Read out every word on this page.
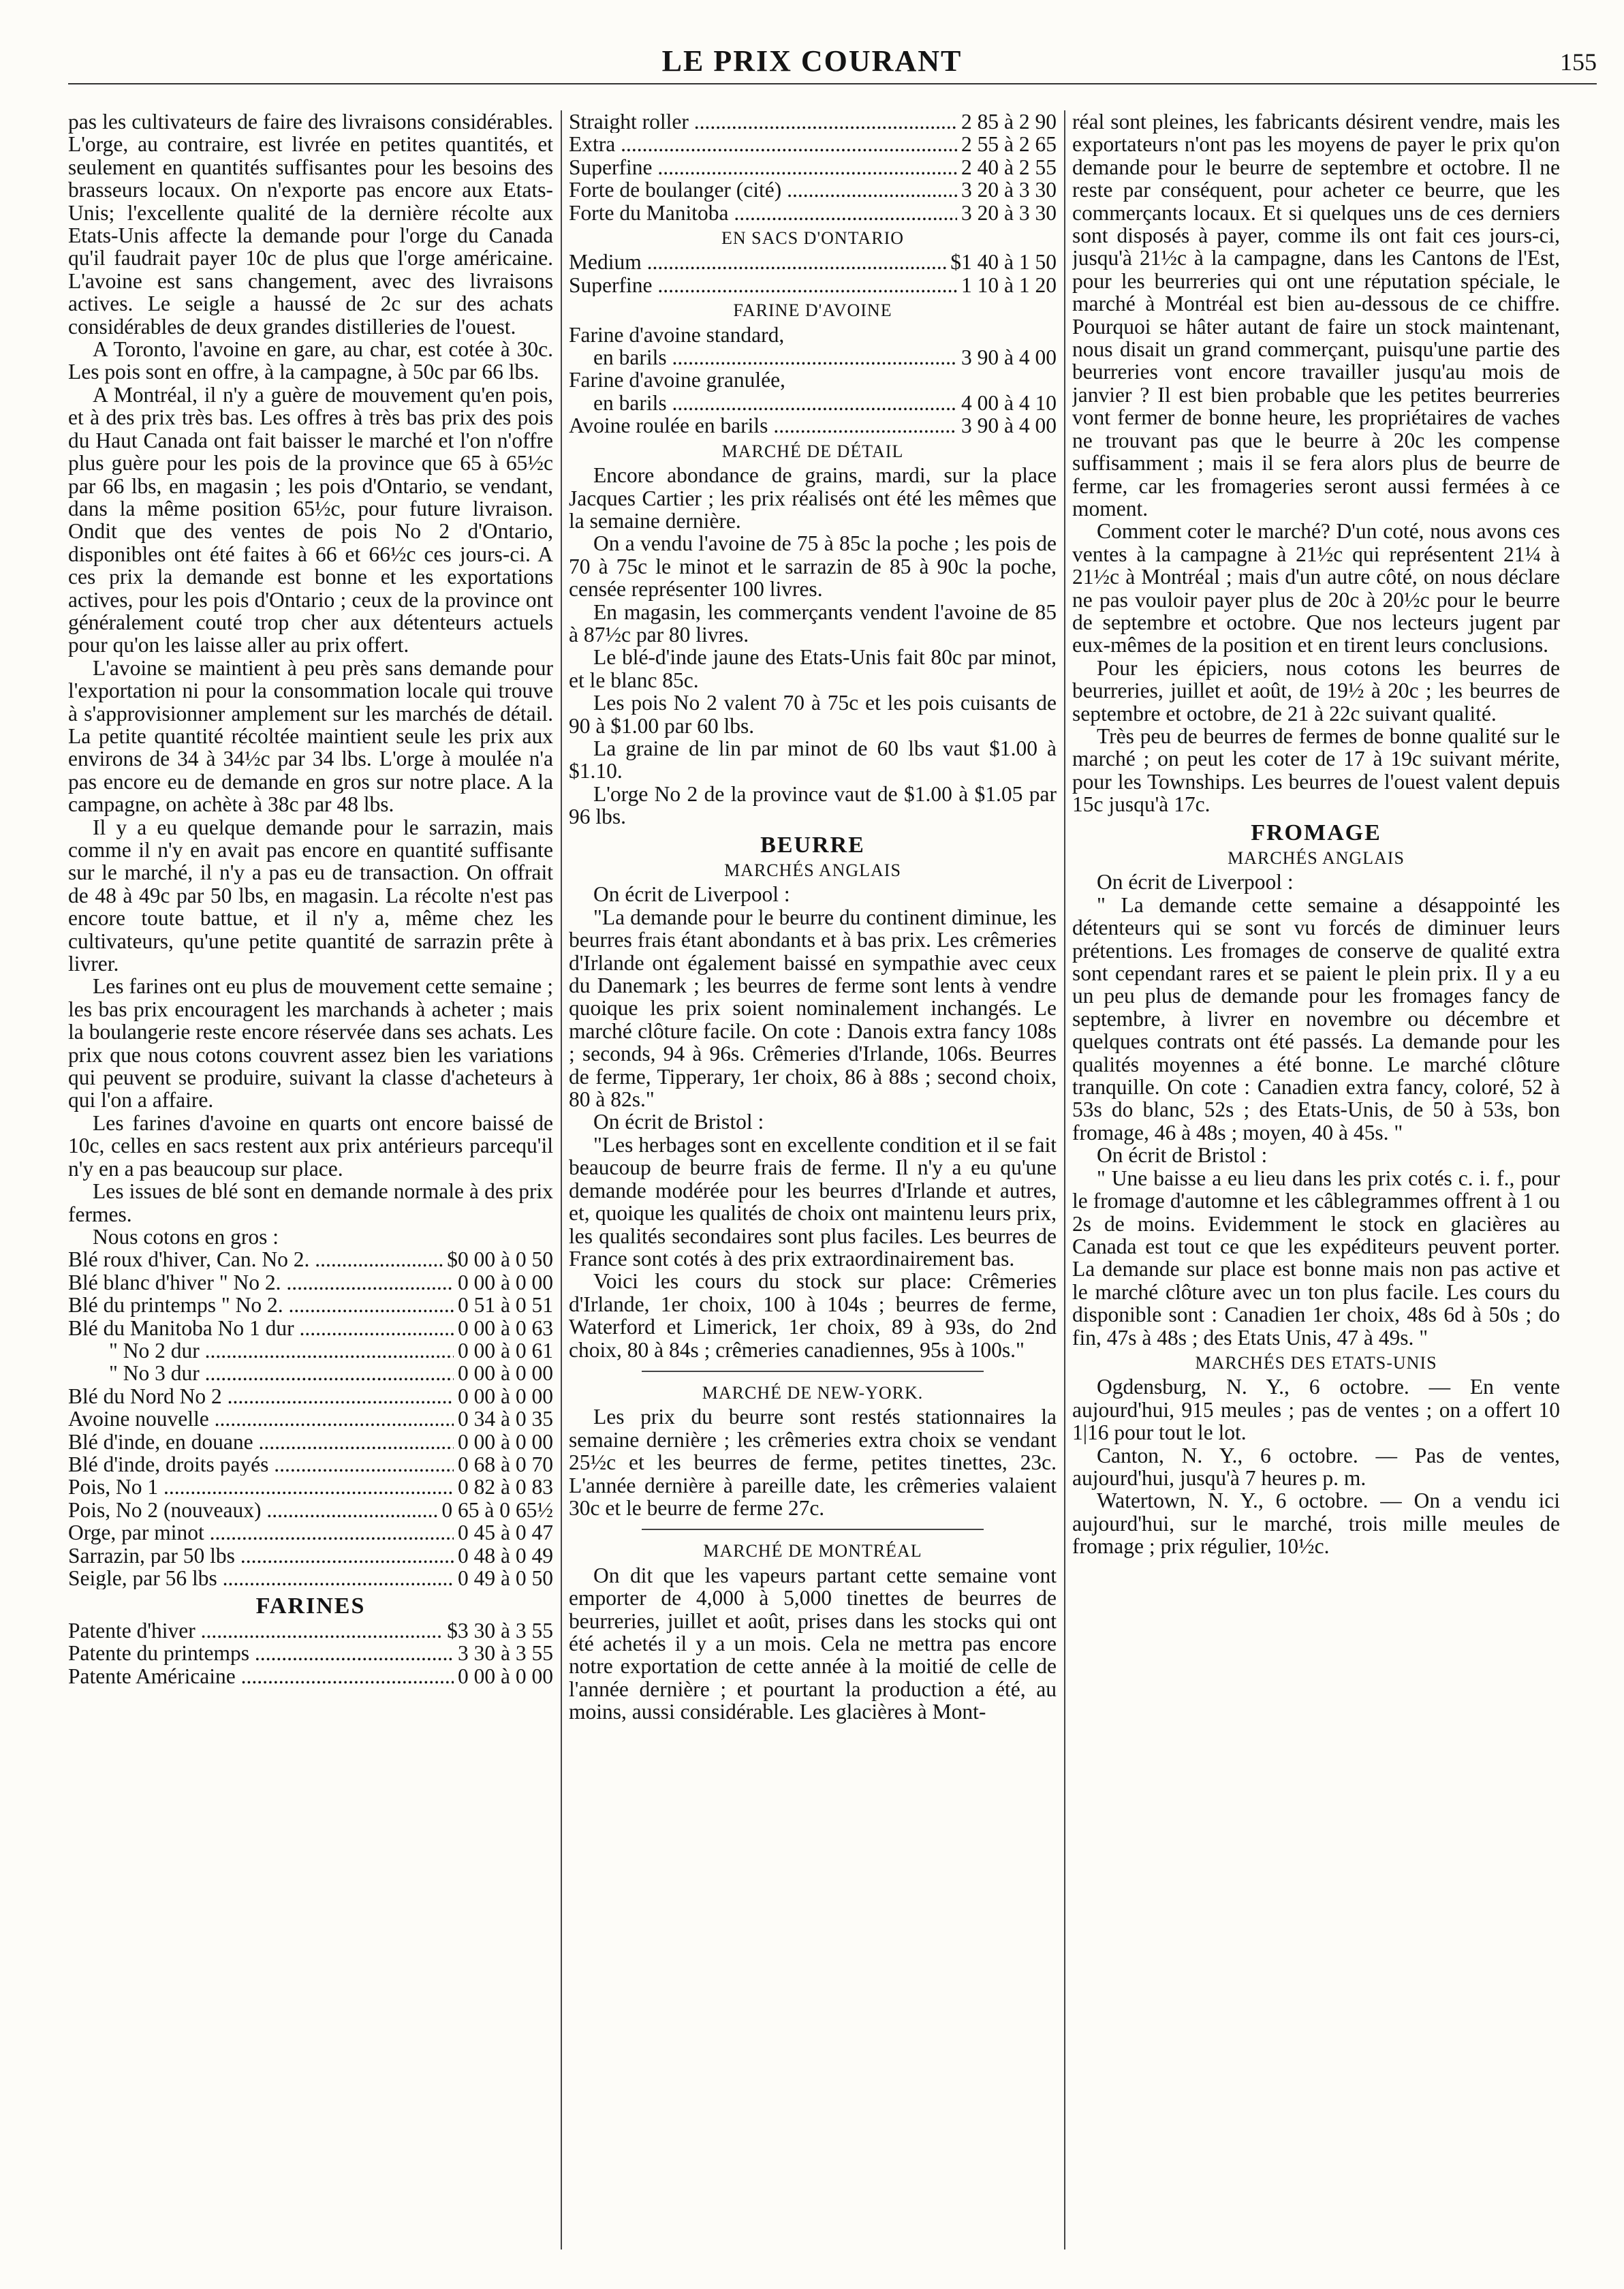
LE PRIX COURANT	155

pas les cultivateurs de faire des livraisons considérables. L'orge, au contraire, est livrée en petites quantités, et seulement en quantités suffisantes pour les besoins des brasseurs locaux. On n'exporte pas encore aux Etats-Unis; l'excellente qualité de la dernière récolte aux Etats-Unis affecte la demande pour l'orge du Canada qu'il faudrait payer 10c de plus que l'orge américaine. L'avoine est sans changement, avec des livraisons actives. Le seigle a haussé de 2c sur des achats considérables de deux grandes distilleries de l'ouest.

A Toronto, l'avoine en gare, au char, est cotée à 30c. Les pois sont en offre, à la campagne, à 50c par 66 lbs.

A Montréal, il n'y a guère de mouvement qu'en pois, et à des prix très bas. Les offres à très bas prix des pois du Haut Canada ont fait baisser le marché et l'on n'offre plus guère pour les pois de la province que 65 à 65½c par 66 lbs, en magasin ; les pois d'Ontario, se vendant, dans la même position 65½c, pour future livraison. Ondit que des ventes de pois No 2 d'Ontario, disponibles ont été faites à 66 et 66½c ces jours-ci. A ces prix la demande est bonne et les exportations actives, pour les pois d'Ontario ; ceux de la province ont généralement couté trop cher aux détenteurs actuels pour qu'on les laisse aller au prix offert.

L'avoine se maintient à peu près sans demande pour l'exportation ni pour la consommation locale qui trouve à s'approvisionner amplement sur les marchés de détail. La petite quantité récoltée maintient seule les prix aux environs de 34 à 34½c par 34 lbs. L'orge à moulée n'a pas encore eu de demande en gros sur notre place. A la campagne, on achète à 38c par 48 lbs.

Il y a eu quelque demande pour le sarrazin, mais comme il n'y en avait pas encore en quantité suffisante sur le marché, il n'y a pas eu de transaction. On offrait de 48 à 49c par 50 lbs, en magasin. La récolte n'est pas encore toute battue, et il n'y a, même chez les cultivateurs, qu'une petite quantité de sarrazin prête à livrer.

Les farines ont eu plus de mouvement cette semaine ; les bas prix encouragent les marchands à acheter ; mais la boulangerie reste encore réservée dans ses achats. Les prix que nous cotons couvrent assez bien les variations qui peuvent se produire, suivant la classe d'acheteurs à qui l'on a affaire.

Les farines d'avoine en quarts ont encore baissé de 10c, celles en sacs restent aux prix antérieurs parcequ'il n'y en a pas beaucoup sur place.

Les issues de blé sont en demande normale à des prix fermes.

Nous cotons en gros :

Blé roux d'hiver, Can. No 2. .....	$0 00 à 0 50
Blé blanc d'hiver " No 2. .....	0 00 à 0 00
Blé du printemps " No 2. .....	0 51 à 0 51
Blé du Manitoba No 1 dur .....	0 00 à 0 63
" No 2 dur .....	0 00 à 0 61
" No 3 dur .....	0 00 à 0 00
Blé du Nord No 2 .....	0 00 à 0 00
Avoine nouvelle .....	0 34 à 0 35
Blé d'inde, en douane .....	0 00 à 0 00
Blé d'inde, droits payés .....	0 68 à 0 70
Pois, No 1 .....	0 82 à 0 83
Pois, No 2 (nouveaux) .....	0 65 à 0 65½
Orge, par minot .....	0 45 à 0 47
Sarrazin, par 50 lbs .....	0 48 à 0 49
Seigle, par 56 lbs .....	0 49 à 0 50
FARINES
Patente d'hiver .....	$3 30 à 3 55
Patente du printemps .....	3 30 à 3 55
Patente Américaine .....	0 00 à 0 00
Straight roller .....	2 85 à 2 90
Extra .....	2 55 à 2 65
Superfine .....	2 40 à 2 55
Forte de boulanger (cité) .....	3 20 à 3 30
Forte du Manitoba .....	3 20 à 3 30
EN SACS D'ONTARIO
Medium .....	$1 40 à 1 50
Superfine .....	1 10 à 1 20
FARINE D'AVOINE

Farine d'avoine standard,

en barils .....	3 90 à 4 00

Farine d'avoine granulée,

en barils .....	4 00 à 4 10
Avoine roulée en barils .....	3 90 à 4 00
MARCHÉ DE DÉTAIL

Encore abondance de grains, mardi, sur la place Jacques Cartier ; les prix réalisés ont été les mêmes que la semaine dernière.

On a vendu l'avoine de 75 à 85c la poche ; les pois de 70 à 75c le minot et le sarrazin de 85 à 90c la poche, censée représenter 100 livres.

En magasin, les commerçants vendent l'avoine de 85 à 87½c par 80 livres.

Le blé-d'inde jaune des Etats-Unis fait 80c par minot, et le blanc 85c.

Les pois No 2 valent 70 à 75c et les pois cuisants de 90 à $1.00 par 60 lbs.

La graine de lin par minot de 60 lbs vaut $1.00 à $1.10.

L'orge No 2 de la province vaut de $1.00 à $1.05 par 96 lbs.

BEURRE
MARCHÉS ANGLAIS

On écrit de Liverpool :

"La demande pour le beurre du continent diminue, les beurres frais étant abondants et à bas prix. Les crêmeries d'Irlande ont également baissé en sympathie avec ceux du Danemark ; les beurres de ferme sont lents à vendre quoique les prix soient nominalement inchangés. Le marché clôture facile. On cote : Danois extra fancy 108s ; seconds, 94 à 96s. Crêmeries d'Irlande, 106s. Beurres de ferme, Tipperary, 1er choix, 86 à 88s ; second choix, 80 à 82s."

On écrit de Bristol :

"Les herbages sont en excellente condition et il se fait beaucoup de beurre frais de ferme. Il n'y a eu qu'une demande modérée pour les beurres d'Irlande et autres, et, quoique les qualités de choix ont maintenu leurs prix, les qualités secondaires sont plus faciles. Les beurres de France sont cotés à des prix extraordinairement bas.

Voici les cours du stock sur place: Crêmeries d'Irlande, 1er choix, 100 à 104s ; beurres de ferme, Waterford et Limerick, 1er choix, 89 à 93s, do 2nd choix, 80 à 84s ; crêmeries canadiennes, 95s à 100s."

MARCHÉ DE NEW-YORK.

Les prix du beurre sont restés stationnaires la semaine dernière ; les crêmeries extra choix se vendant 25½c et les beurres de ferme, petites tinettes, 23c. L'année dernière à pareille date, les crêmeries valaient 30c et le beurre de ferme 27c.

MARCHÉ DE MONTRÉAL

On dit que les vapeurs partant cette semaine vont emporter de 4,000 à 5,000 tinettes de beurres de beurreries, juillet et août, prises dans les stocks qui ont été achetés il y a un mois. Cela ne mettra pas encore notre exportation de cette année à la moitié de celle de l'année dernière ; et pourtant la production a été, au moins, aussi considérable. Les glacières à Mont-

réal sont pleines, les fabricants désirent vendre, mais les exportateurs n'ont pas les moyens de payer le prix qu'on demande pour le beurre de septembre et octobre. Il ne reste par conséquent, pour acheter ce beurre, que les commerçants locaux. Et si quelques uns de ces derniers sont disposés à payer, comme ils ont fait ces jours-ci, jusqu'à 21½c à la campagne, dans les Cantons de l'Est, pour les beurreries qui ont une réputation spéciale, le marché à Montréal est bien au-dessous de ce chiffre. Pourquoi se hâter autant de faire un stock maintenant, nous disait un grand commerçant, puisqu'une partie des beurreries vont encore travailler jusqu'au mois de janvier ? Il est bien probable que les petites beurreries vont fermer de bonne heure, les propriétaires de vaches ne trouvant pas que le beurre à 20c les compense suffisamment ; mais il se fera alors plus de beurre de ferme, car les fromageries seront aussi fermées à ce moment.

Comment coter le marché? D'un coté, nous avons ces ventes à la campagne à 21½c qui représentent 21¼ à 21½c à Montréal ; mais d'un autre côté, on nous déclare ne pas vouloir payer plus de 20c à 20½c pour le beurre de septembre et octobre. Que nos lecteurs jugent par eux-mêmes de la position et en tirent leurs conclusions.

Pour les épiciers, nous cotons les beurres de beurreries, juillet et août, de 19½ à 20c ; les beurres de septembre et octobre, de 21 à 22c suivant qualité.

Très peu de beurres de fermes de bonne qualité sur le marché ; on peut les coter de 17 à 19c suivant mérite, pour les Townships. Les beurres de l'ouest valent depuis 15c jusqu'à 17c.

FROMAGE
MARCHÉS ANGLAIS

On écrit de Liverpool :

" La demande cette semaine a désappointé les détenteurs qui se sont vu forcés de diminuer leurs prétentions. Les fromages de conserve de qualité extra sont cependant rares et se paient le plein prix. Il y a eu un peu plus de demande pour les fromages fancy de septembre, à livrer en novembre ou décembre et quelques contrats ont été passés. La demande pour les qualités moyennes a été bonne. Le marché clôture tranquille. On cote : Canadien extra fancy, coloré, 52 à 53s do blanc, 52s ; des Etats-Unis, de 50 à 53s, bon fromage, 46 à 48s ; moyen, 40 à 45s. "

On écrit de Bristol :

" Une baisse a eu lieu dans les prix cotés c. i. f., pour le fromage d'automne et les câblegrammes offrent à 1 ou 2s de moins. Evidemment le stock en glacières au Canada est tout ce que les expéditeurs peuvent porter. La demande sur place est bonne mais non pas active et le marché clôture avec un ton plus facile. Les cours du disponible sont : Canadien 1er choix, 48s 6d à 50s ; do fin, 47s à 48s ; des Etats Unis, 47 à 49s. "

MARCHÉS DES ETATS-UNIS

Ogdensburg, N. Y., 6 octobre. — En vente aujourd'hui, 915 meules ; pas de ventes ; on a offert 10 1|16 pour tout le lot.

Canton, N. Y., 6 octobre. — Pas de ventes, aujourd'hui, jusqu'à 7 heures p. m.

Watertown, N. Y., 6 octobre. — On a vendu ici aujourd'hui, sur le marché, trois mille meules de fromage ; prix régulier, 10½c.
